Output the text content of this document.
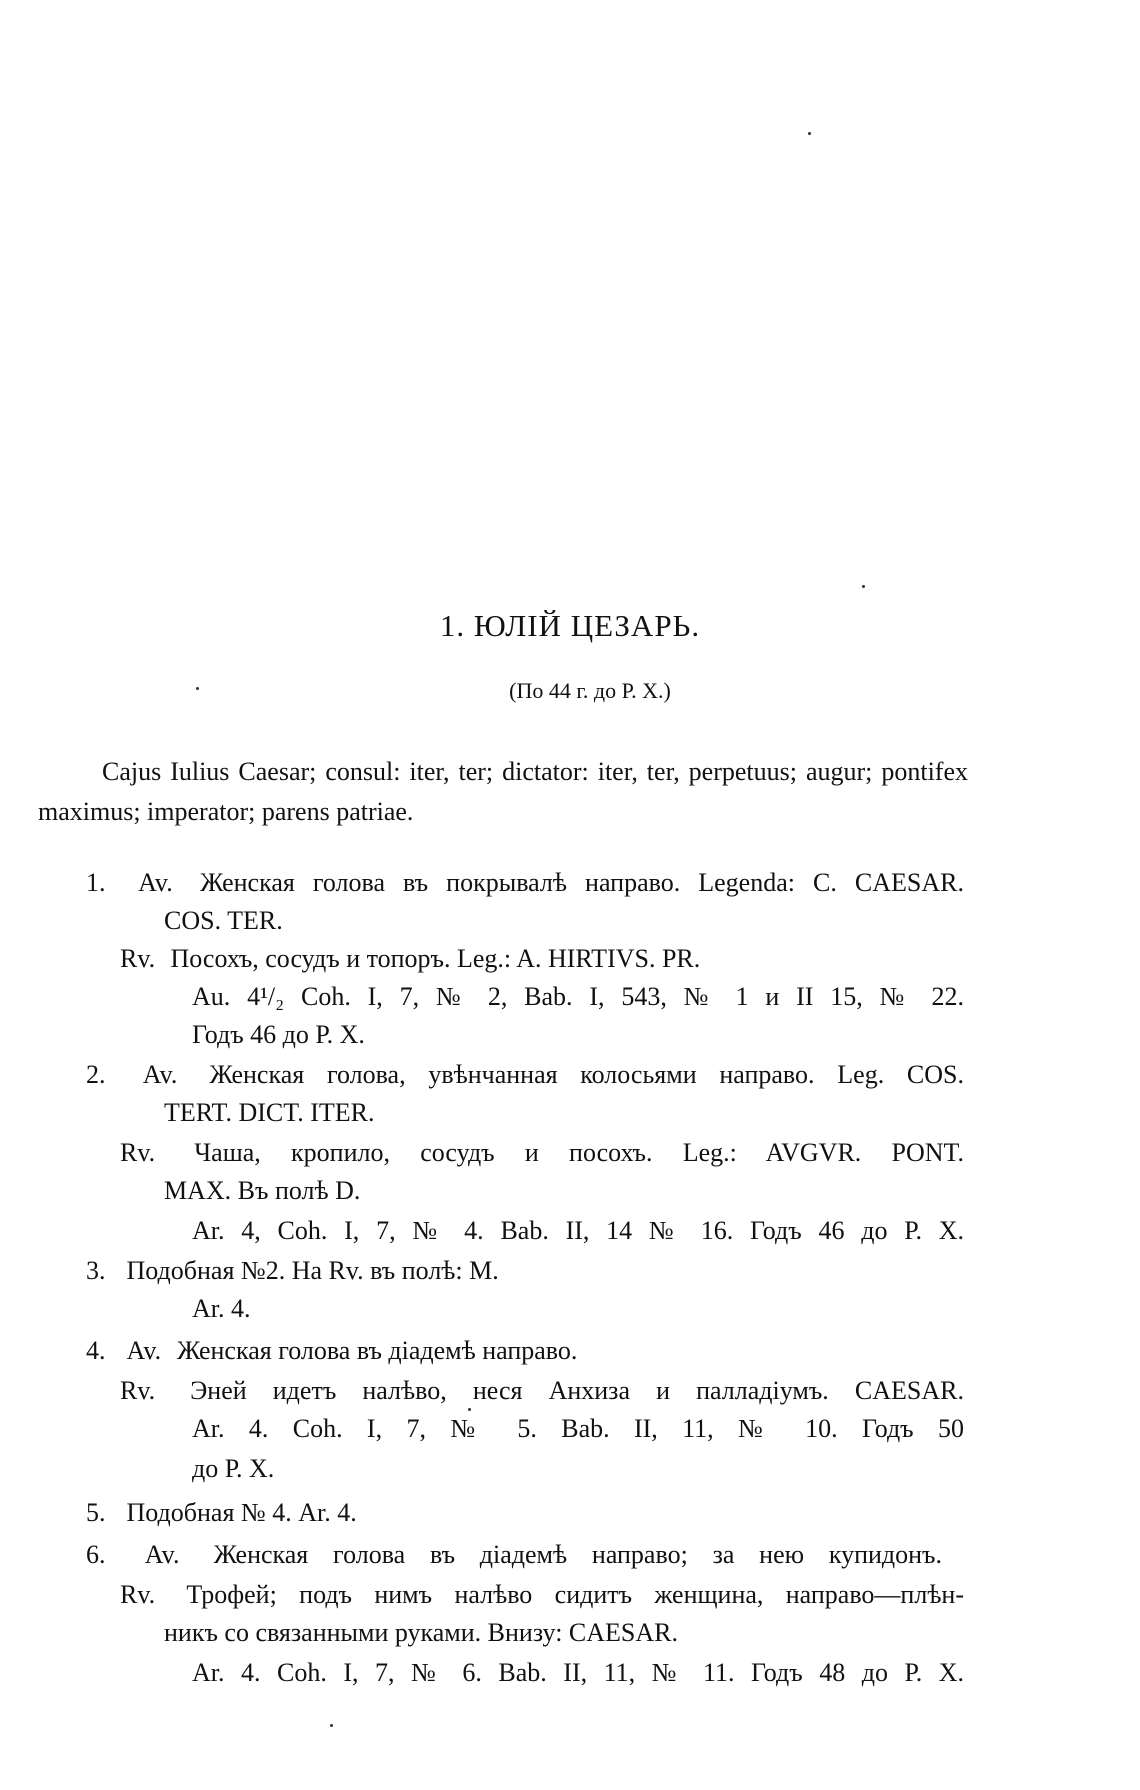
1. ЮЛІЙ ЦЕЗАРЬ.
(По 44 г. до Р. X.)
Cajus Iulius Caesar; consul: iter, ter; dictator: iter, ter, perpetuus; augur; pontifex maximus; imperator; parens patriae.
1. Av. Женская голова въ покрывалѣ направо. Legenda: C. CAESAR.
COS. TER.
Rv. Посохъ, сосудъ и топоръ. Leg.: A. HIRTIVS. PR.
Au. 4¹/₂ Coh. I, 7, № 2, Bab. I, 543, № 1 и II 15, № 22.
Годъ 46 до Р. X.
2. Av. Женская голова, увѣнчанная колосьями направо. Leg. COS.
TERT. DICT. ITER.
Rv. Чаша, кропило, сосудъ и посохъ. Leg.: AVGVR. PONT.
MAX. Въ полѣ D.
Ar. 4, Coh. I, 7, № 4. Bab. II, 14 № 16. Годъ 46 до Р. X.
3. Подобная №2. На Rv. въ полѣ: M.
Ar. 4.
4. Av. Женская голова въ діадемѣ направо.
Rv. Эней идетъ налѣво, неся Анхиза и палладіумъ. CAESAR.
Ar. 4. Coh. I, 7, № 5. Bab. II, 11, № 10. Годъ 50
до Р. X.
5. Подобная № 4. Ar. 4.
6. Av. Женская голова въ діадемѣ направо; за нею купидонъ.
Rv. Трофей; подъ нимъ налѣво сидитъ женщина, направо—плѣн-
никъ со связанными руками. Внизу: CAESAR.
Ar. 4. Coh. I, 7, № 6. Bab. II, 11, № 11. Годъ 48 до Р. X.
